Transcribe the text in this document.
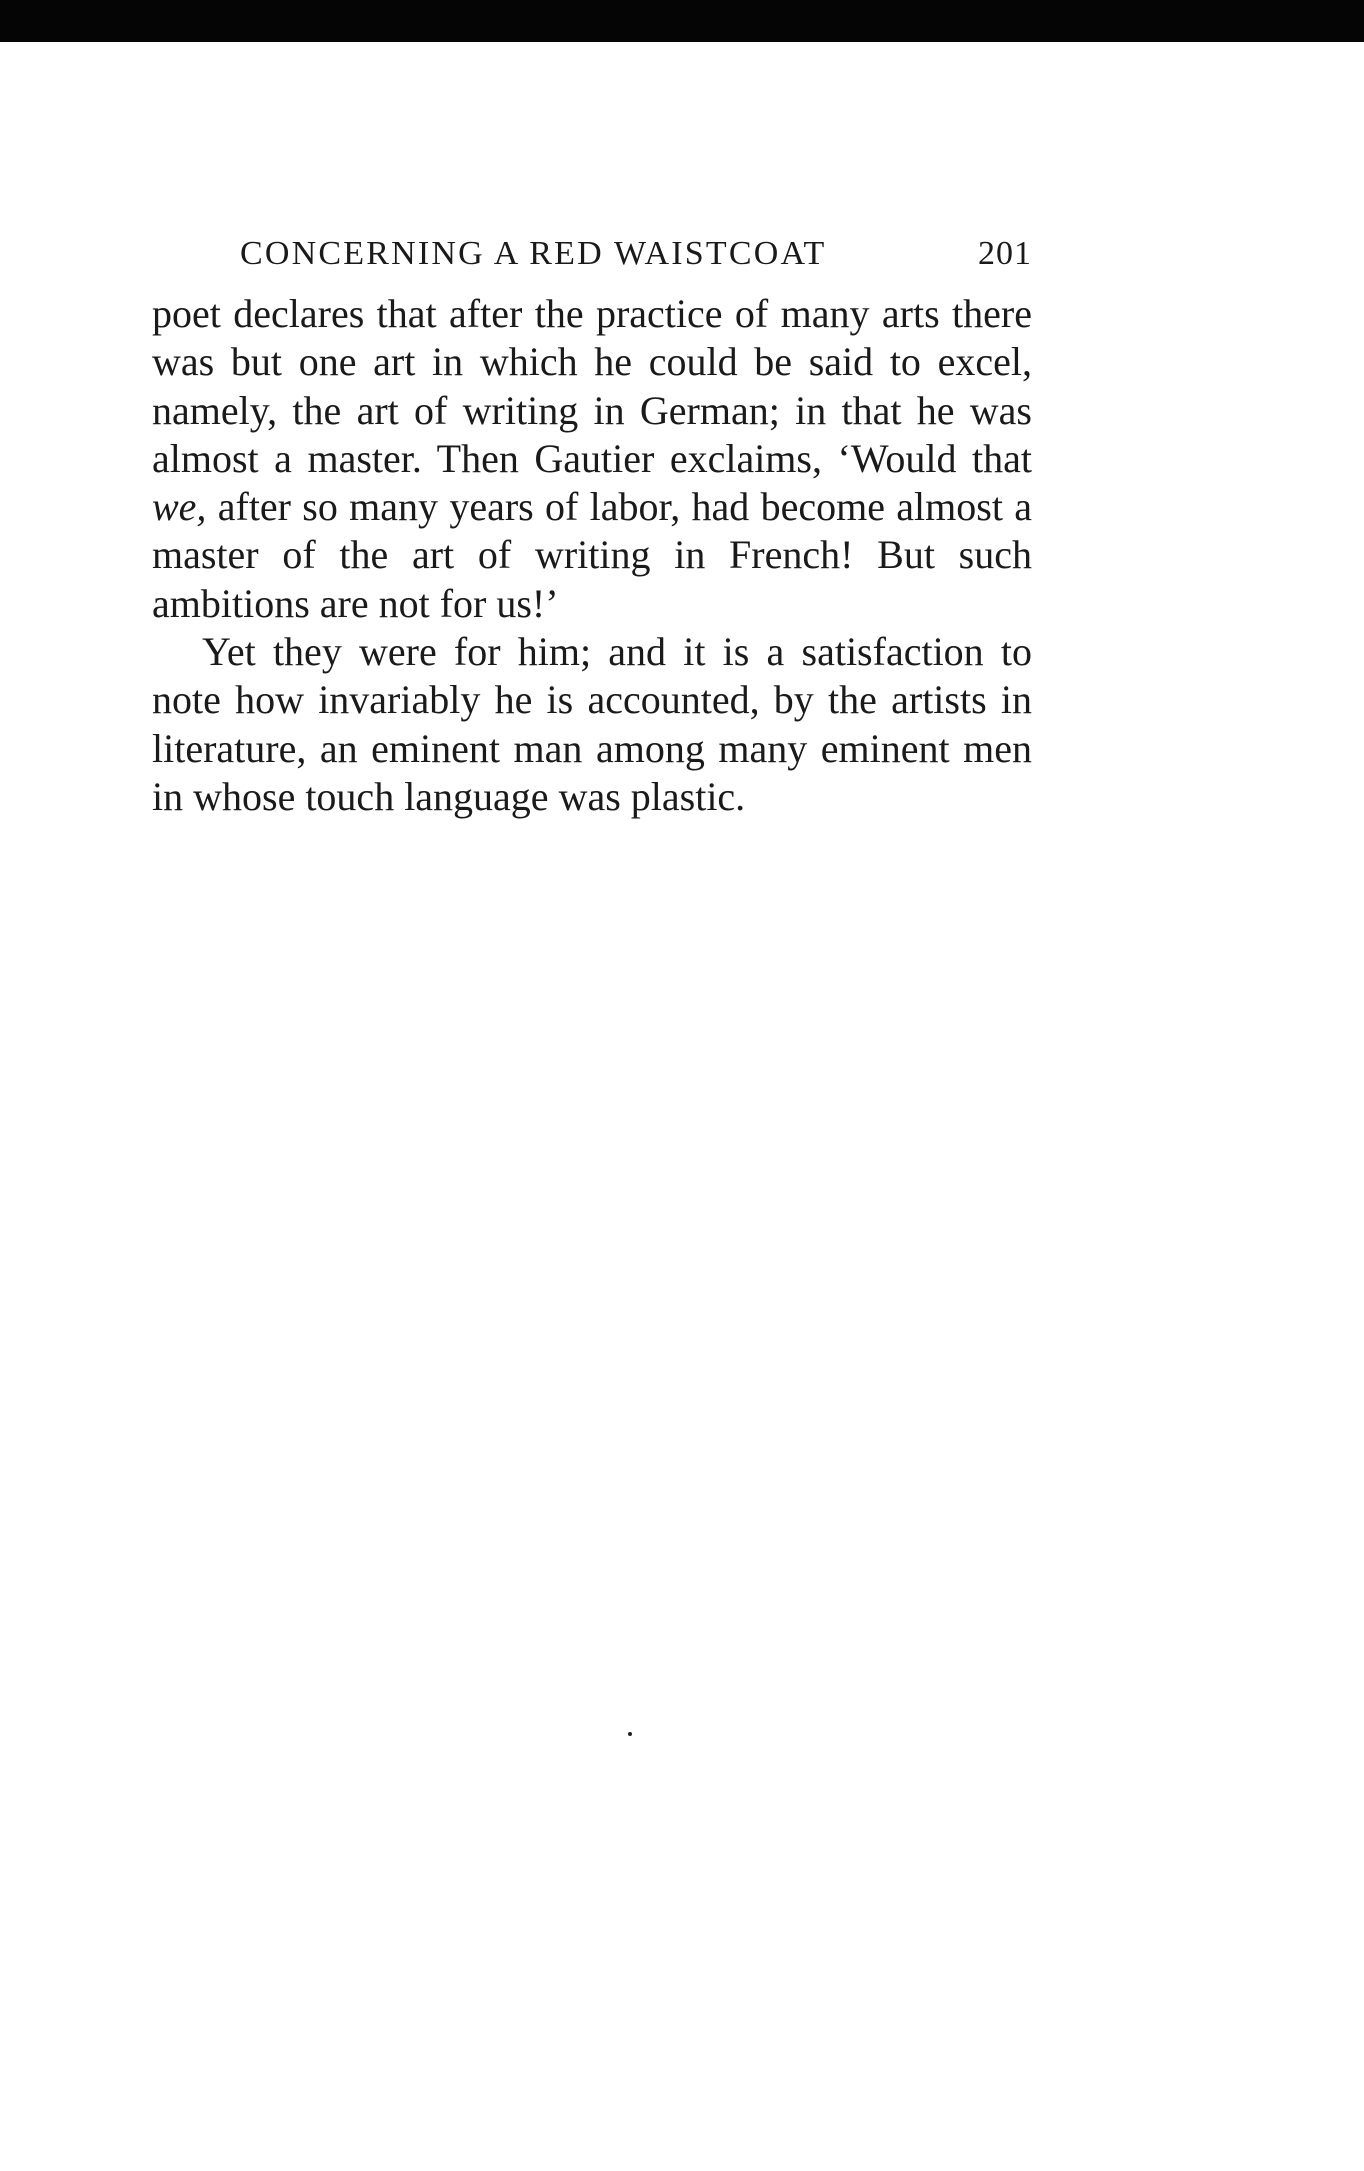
CONCERNING A RED WAISTCOAT	201

poet declares that after the practice of many arts there was but one art in which he could be said to excel, namely, the art of writing in German; in that he was almost a master. Then Gautier exclaims, ‘Would that we, after so many years of labor, had become almost a master of the art of writing in French! But such ambitions are not for us!’

Yet they were for him; and it is a satisfaction to note how invariably he is accounted, by the artists in literature, an eminent man among many eminent men in whose touch language was plastic.
